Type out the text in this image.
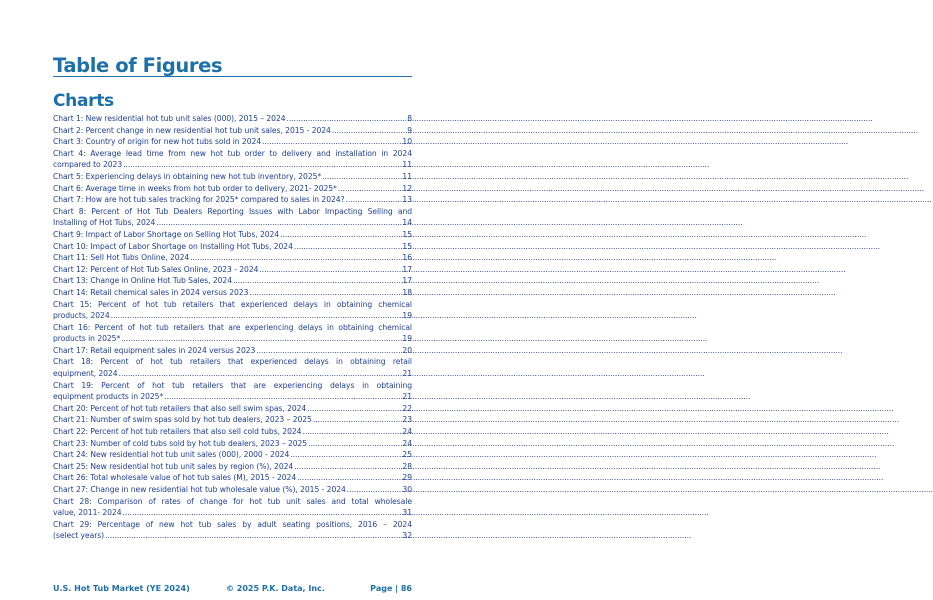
Table of Figures
Charts
Chart 1: New residential hot tub unit sales (000), 2015 – 2024 .....	8
Chart 2: Percent change in new residential hot tub unit sales, 2015 - 2024 .....	9
Chart 3: Country of origin for new hot tubs sold in 2024 .....	10
Chart 4: Average lead time from new hot tub order to delivery and installation in 2024
compared to 2023 .....	11
Chart 5: Experiencing delays in obtaining new hot tub inventory, 2025* .....	11
Chart 6: Average time in weeks from hot tub order to delivery, 2021- 2025* .....	12
Chart 7: How are hot tub sales tracking for 2025* compared to sales in 2024? .....	13
Chart 8: Percent of Hot Tub Dealers Reporting Issues with Labor Impacting Selling and
Installing of Hot Tubs, 2024 .....	14
Chart 9: Impact of Labor Shortage on Selling Hot Tubs, 2024 .....	15
Chart 10: Impact of Labor Shortage on Installing Hot Tubs, 2024 .....	15
Chart 11: Sell Hot Tubs Online, 2024 .....	16
Chart 12: Percent of Hot Tub Sales Online, 2023 - 2024 .....	17
Chart 13: Change in Online Hot Tub Sales, 2024 .....	17
Chart 14: Retail chemical sales in 2024 versus 2023 .....	18
Chart 15: Percent of hot tub retailers that experienced delays in obtaining chemical
products, 2024 .....	19
Chart 16: Percent of hot tub retailers that are experiencing delays in obtaining chemical
products in 2025* .....	19
Chart 17: Retail equipment sales in 2024 versus 2023 .....	20
Chart 18: Percent of hot tub retailers that experienced delays in obtaining retail
equipment, 2024 .....	21
Chart 19: Percent of hot tub retailers that are experiencing delays in obtaining
equipment products in 2025* .....	21
Chart 20: Percent of hot tub retailers that also sell swim spas, 2024 .....	22
Chart 21: Number of swim spas sold by hot tub dealers, 2023 – 2025 .....	23
Chart 22: Percent of hot tub retailers that also sell cold tubs, 2024 .....	24
Chart 23: Number of cold tubs sold by hot tub dealers, 2023 – 2025 .....	24
Chart 24: New residential hot tub unit sales (000), 2000 - 2024 .....	25
Chart 25: New residential hot tub unit sales by region (%), 2024 .....	28
Chart 26: Total wholesale value of hot tub sales (M), 2015 - 2024 .....	29
Chart 27: Change in new residential hot tub wholesale value (%), 2015 - 2024 .....	30
Chart 28: Comparison of rates of change for hot tub unit sales and total wholesale
value, 2011- 2024 .....	31
Chart 29: Percentage of new hot tub sales by adult seating positions, 2016 – 2024
(select years) .....	32
U.S. Hot Tub Market (YE 2024)	© 2025 P.K. Data, Inc.	Page | 86
